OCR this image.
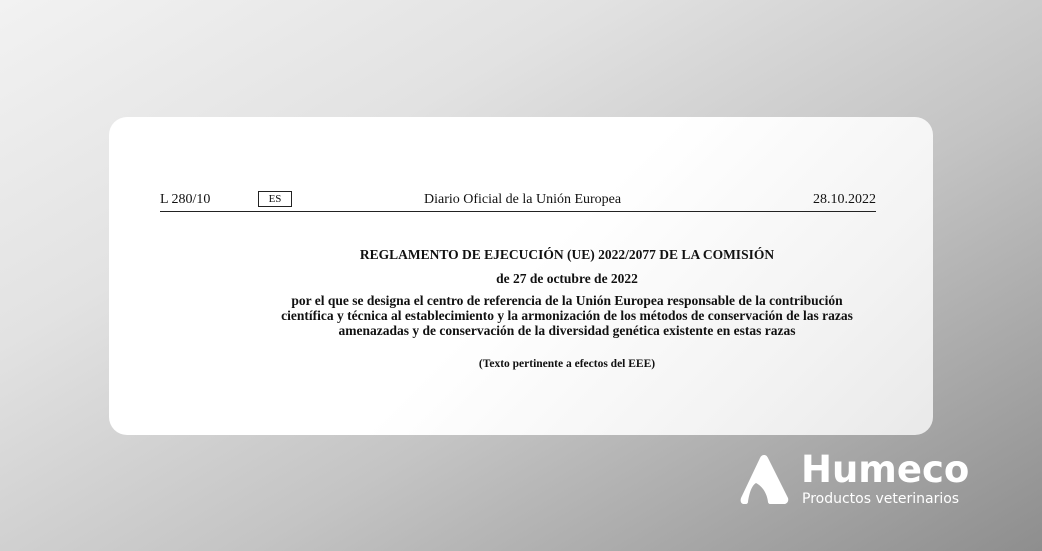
L 280/10	ES	Diario Oficial de la Unión Europea	28.10.2022
REGLAMENTO DE EJECUCIÓN (UE) 2022/2077 DE LA COMISIÓN
de 27 de octubre de 2022
por el que se designa el centro de referencia de la Unión Europea responsable de la contribución
científica y técnica al establecimiento y la armonización de los métodos de conservación de las razas
amenazadas y de conservación de la diversidad genética existente en estas razas
(Texto pertinente a efectos del EEE)
Humeco
Productos veterinarios
